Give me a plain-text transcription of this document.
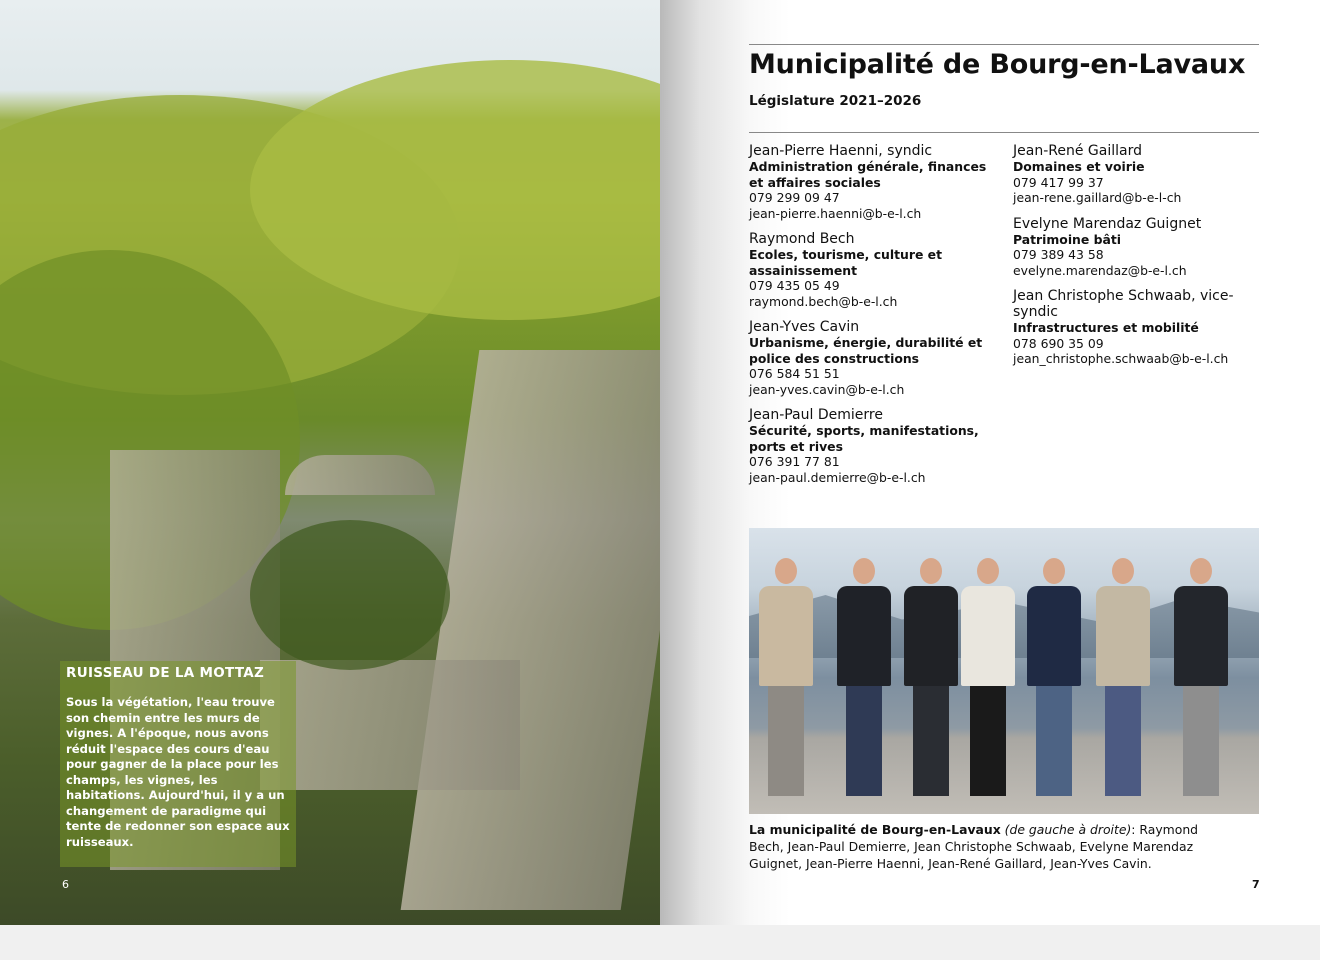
RUISSEAU DE LA MOTTAZ

Sous la végétation, l'eau trouve son chemin entre les murs de vignes. A l'époque, nous avons réduit l'espace des cours d'eau pour gagner de la place pour les champs, les vignes, les habitations. Aujourd'hui, il y a un changement de paradigme qui tente de redonner son espace aux ruisseaux.

6
Municipalité de Bourg-en-Lavaux
Législature 2021–2026
Jean-Pierre Haenni, syndic
Administration générale, finances et affaires sociales
079 299 09 47
jean-pierre.haenni@b-e-l.ch
Raymond Bech
Ecoles, tourisme, culture et assainissement
079 435 05 49
raymond.bech@b-e-l.ch
Jean-Yves Cavin
Urbanisme, énergie, durabilité et police des constructions
076 584 51 51
jean-yves.cavin@b-e-l.ch
Jean-Paul Demierre
Sécurité, sports, manifestations, ports et rives
076 391 77 81
jean-paul.demierre@b-e-l.ch
Jean-René Gaillard
Domaines et voirie
079 417 99 37
jean-rene.gaillard@b-e-l-ch
Evelyne Marendaz Guignet
Patrimoine bâti
079 389 43 58
evelyne.marendaz@b-e-l.ch
Jean Christophe Schwaab, vice-syndic
Infrastructures et mobilité
078 690 35 09
jean_christophe.schwaab@b-e-l.ch
La municipalité de Bourg-en-Lavaux (de gauche à droite): Raymond Bech, Jean-Paul Demierre, Jean Christophe Schwaab, Evelyne Marendaz Guignet, Jean-Pierre Haenni, Jean-René Gaillard, Jean-Yves Cavin.
7
